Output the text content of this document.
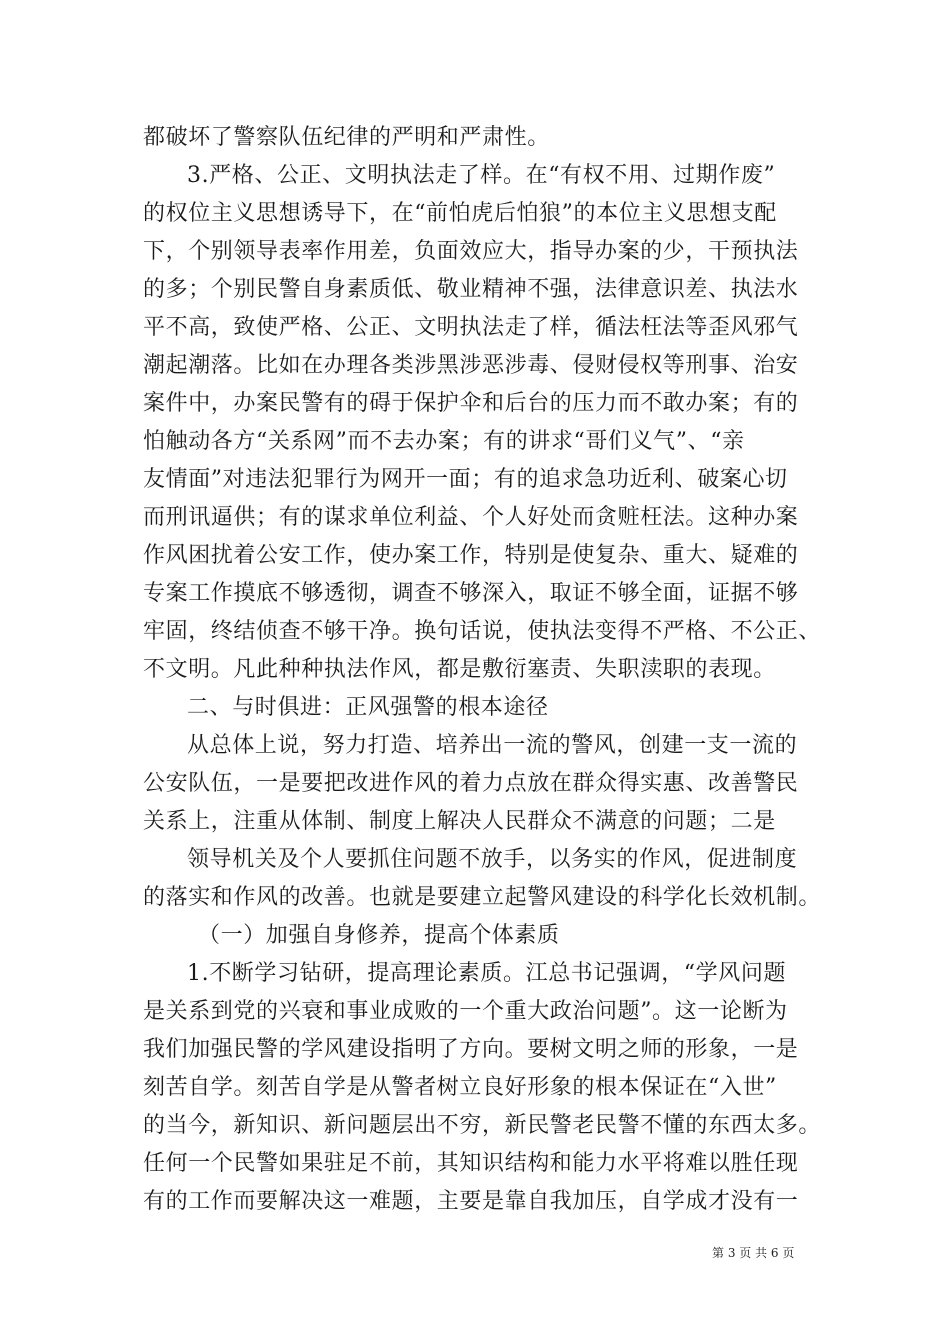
都破坏了警察队伍纪律的严明和严肃性。
3.严格、公正、文明执法走了样。在“有权不用、过期作废”
的权位主义思想诱导下，在“前怕虎后怕狼”的本位主义思想支配
下，个别领导表率作用差，负面效应大，指导办案的少，干预执法
的多；个别民警自身素质低、敬业精神不强，法律意识差、执法水
平不高，致使严格、公正、文明执法走了样，循法枉法等歪风邪气
潮起潮落。比如在办理各类涉黑涉恶涉毒、侵财侵权等刑事、治安
案件中，办案民警有的碍于保护伞和后台的压力而不敢办案；有的
怕触动各方“关系网”而不去办案；有的讲求“哥们义气”、“亲
友情面”对违法犯罪行为网开一面；有的追求急功近利、破案心切
而刑讯逼供；有的谋求单位利益、个人好处而贪赃枉法。这种办案
作风困扰着公安工作，使办案工作，特别是使复杂、重大、疑难的
专案工作摸底不够透彻，调查不够深入，取证不够全面，证据不够
牢固，终结侦查不够干净。换句话说，使执法变得不严格、不公正、
不文明。凡此种种执法作风，都是敷衍塞责、失职渎职的表现。
二、与时俱进：正风强警的根本途径
从总体上说，努力打造、培养出一流的警风，创建一支一流的
公安队伍，一是要把改进作风的着力点放在群众得实惠、改善警民
关系上，注重从体制、制度上解决人民群众不满意的问题；二是
领导机关及个人要抓住问题不放手，以务实的作风，促进制度
的落实和作风的改善。也就是要建立起警风建设的科学化长效机制。
（一）加强自身修养，提高个体素质
1.不断学习钻研，提高理论素质。江总书记强调，“学风问题
是关系到党的兴衰和事业成败的一个重大政治问题”。这一论断为
我们加强民警的学风建设指明了方向。要树文明之师的形象，一是
刻苦自学。刻苦自学是从警者树立良好形象的根本保证在“入世”
的当今，新知识、新问题层出不穷，新民警老民警不懂的东西太多。
任何一个民警如果驻足不前，其知识结构和能力水平将难以胜任现
有的工作而要解决这一难题，主要是靠自我加压，自学成才没有一
第 3 页 共 6 页
